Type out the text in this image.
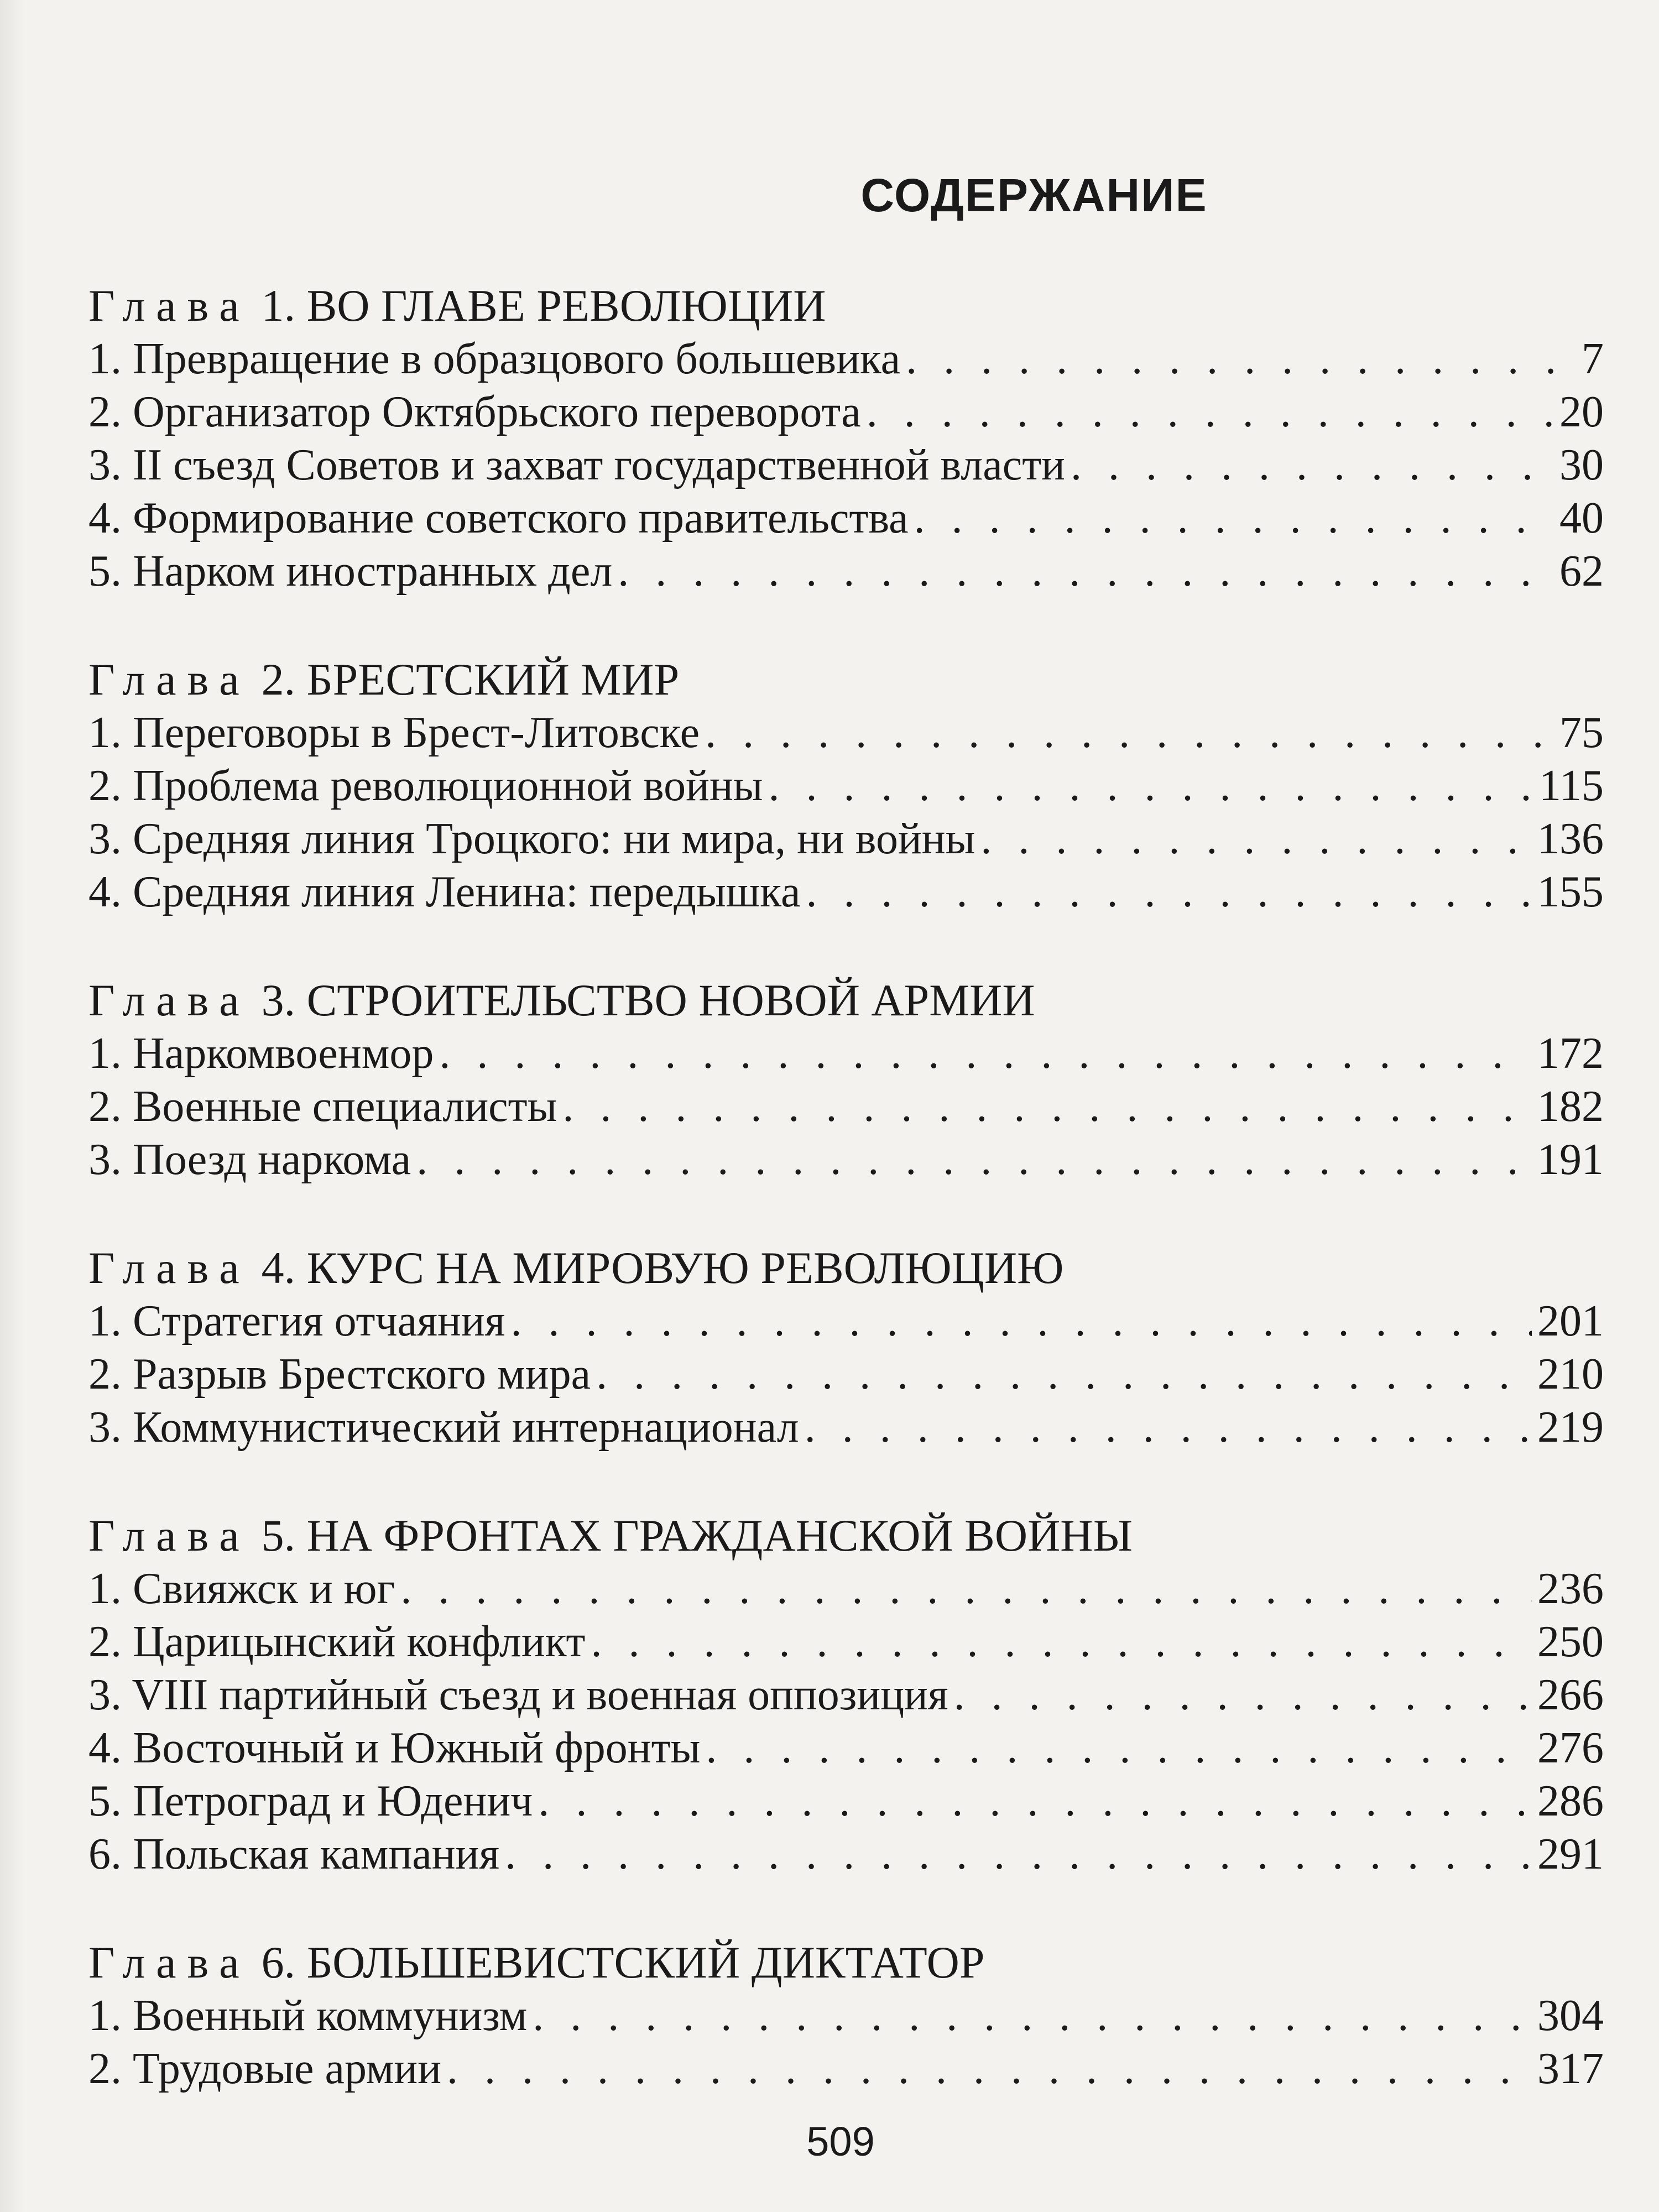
СОДЕРЖАНИЕ
Глава 1. ВО ГЛАВЕ РЕВОЛЮЦИИ
1. Превращение в образцового большевика . . .	7
2. Организатор Октябрьского переворота . . .	20
3. II съезд Советов и захват государственной власти . . .	30
4. Формирование советского правительства . . .	40
5. Нарком иностранных дел . . .	62
Глава 2. БРЕСТСКИЙ МИР
1. Переговоры в Брест-Литовске . . .	75
2. Проблема революционной войны . . .	115
3. Средняя линия Троцкого: ни мира, ни войны . . .	136
4. Средняя линия Ленина: передышка . . .	155
Глава 3. СТРОИТЕЛЬСТВО НОВОЙ АРМИИ
1. Наркомвоенмор . . .	172
2. Военные специалисты . . .	182
3. Поезд наркома . . .	191
Глава 4. КУРС НА МИРОВУЮ РЕВОЛЮЦИЮ
1. Стратегия отчаяния . . .	201
2. Разрыв Брестского мира . . .	210
3. Коммунистический интернационал . . .	219
Глава 5. НА ФРОНТАХ ГРАЖДАНСКОЙ ВОЙНЫ
1. Свияжск и юг . . .	236
2. Царицынский конфликт . . .	250
3. VIII партийный съезд и военная оппозиция . . .	266
4. Восточный и Южный фронты . . .	276
5. Петроград и Юденич . . .	286
6. Польская кампания . . .	291
Глава 6. БОЛЬШЕВИСТСКИЙ ДИКТАТОР
1. Военный коммунизм . . .	304
2. Трудовые армии . . .	317
509
